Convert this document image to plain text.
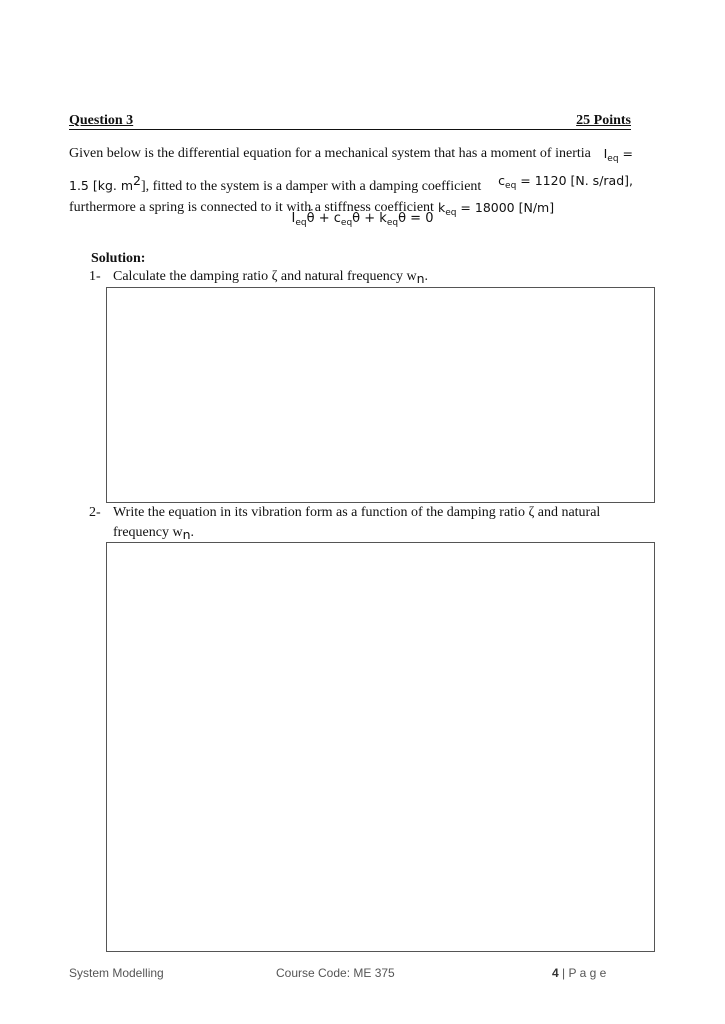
Question 3	25 Points
Given below is the differential equation for a mechanical system that has a moment of inertia $I_{eq}$ =
1.5 [kg. $m^2$], fitted to the system is a damper with a damping coefficient $c_{eq} = 1120$ [N. s/rad],
furthermore a spring is connected to it with a stiffness coefficient $k_{eq} = 18000$ [N/m]
$I_{eq}\thetä$ + $c_{eq}\thetȧ + k_{eq}\theta = 0$
Solution:
1- Calculate the damping ratio ζ and natural frequency $w_n$.
2- Write the equation in its vibration form as a function of the damping ratio ζ and natural
frequency $w_n$.
System Modelling	Course Code: ME 375	4 | P a g e
